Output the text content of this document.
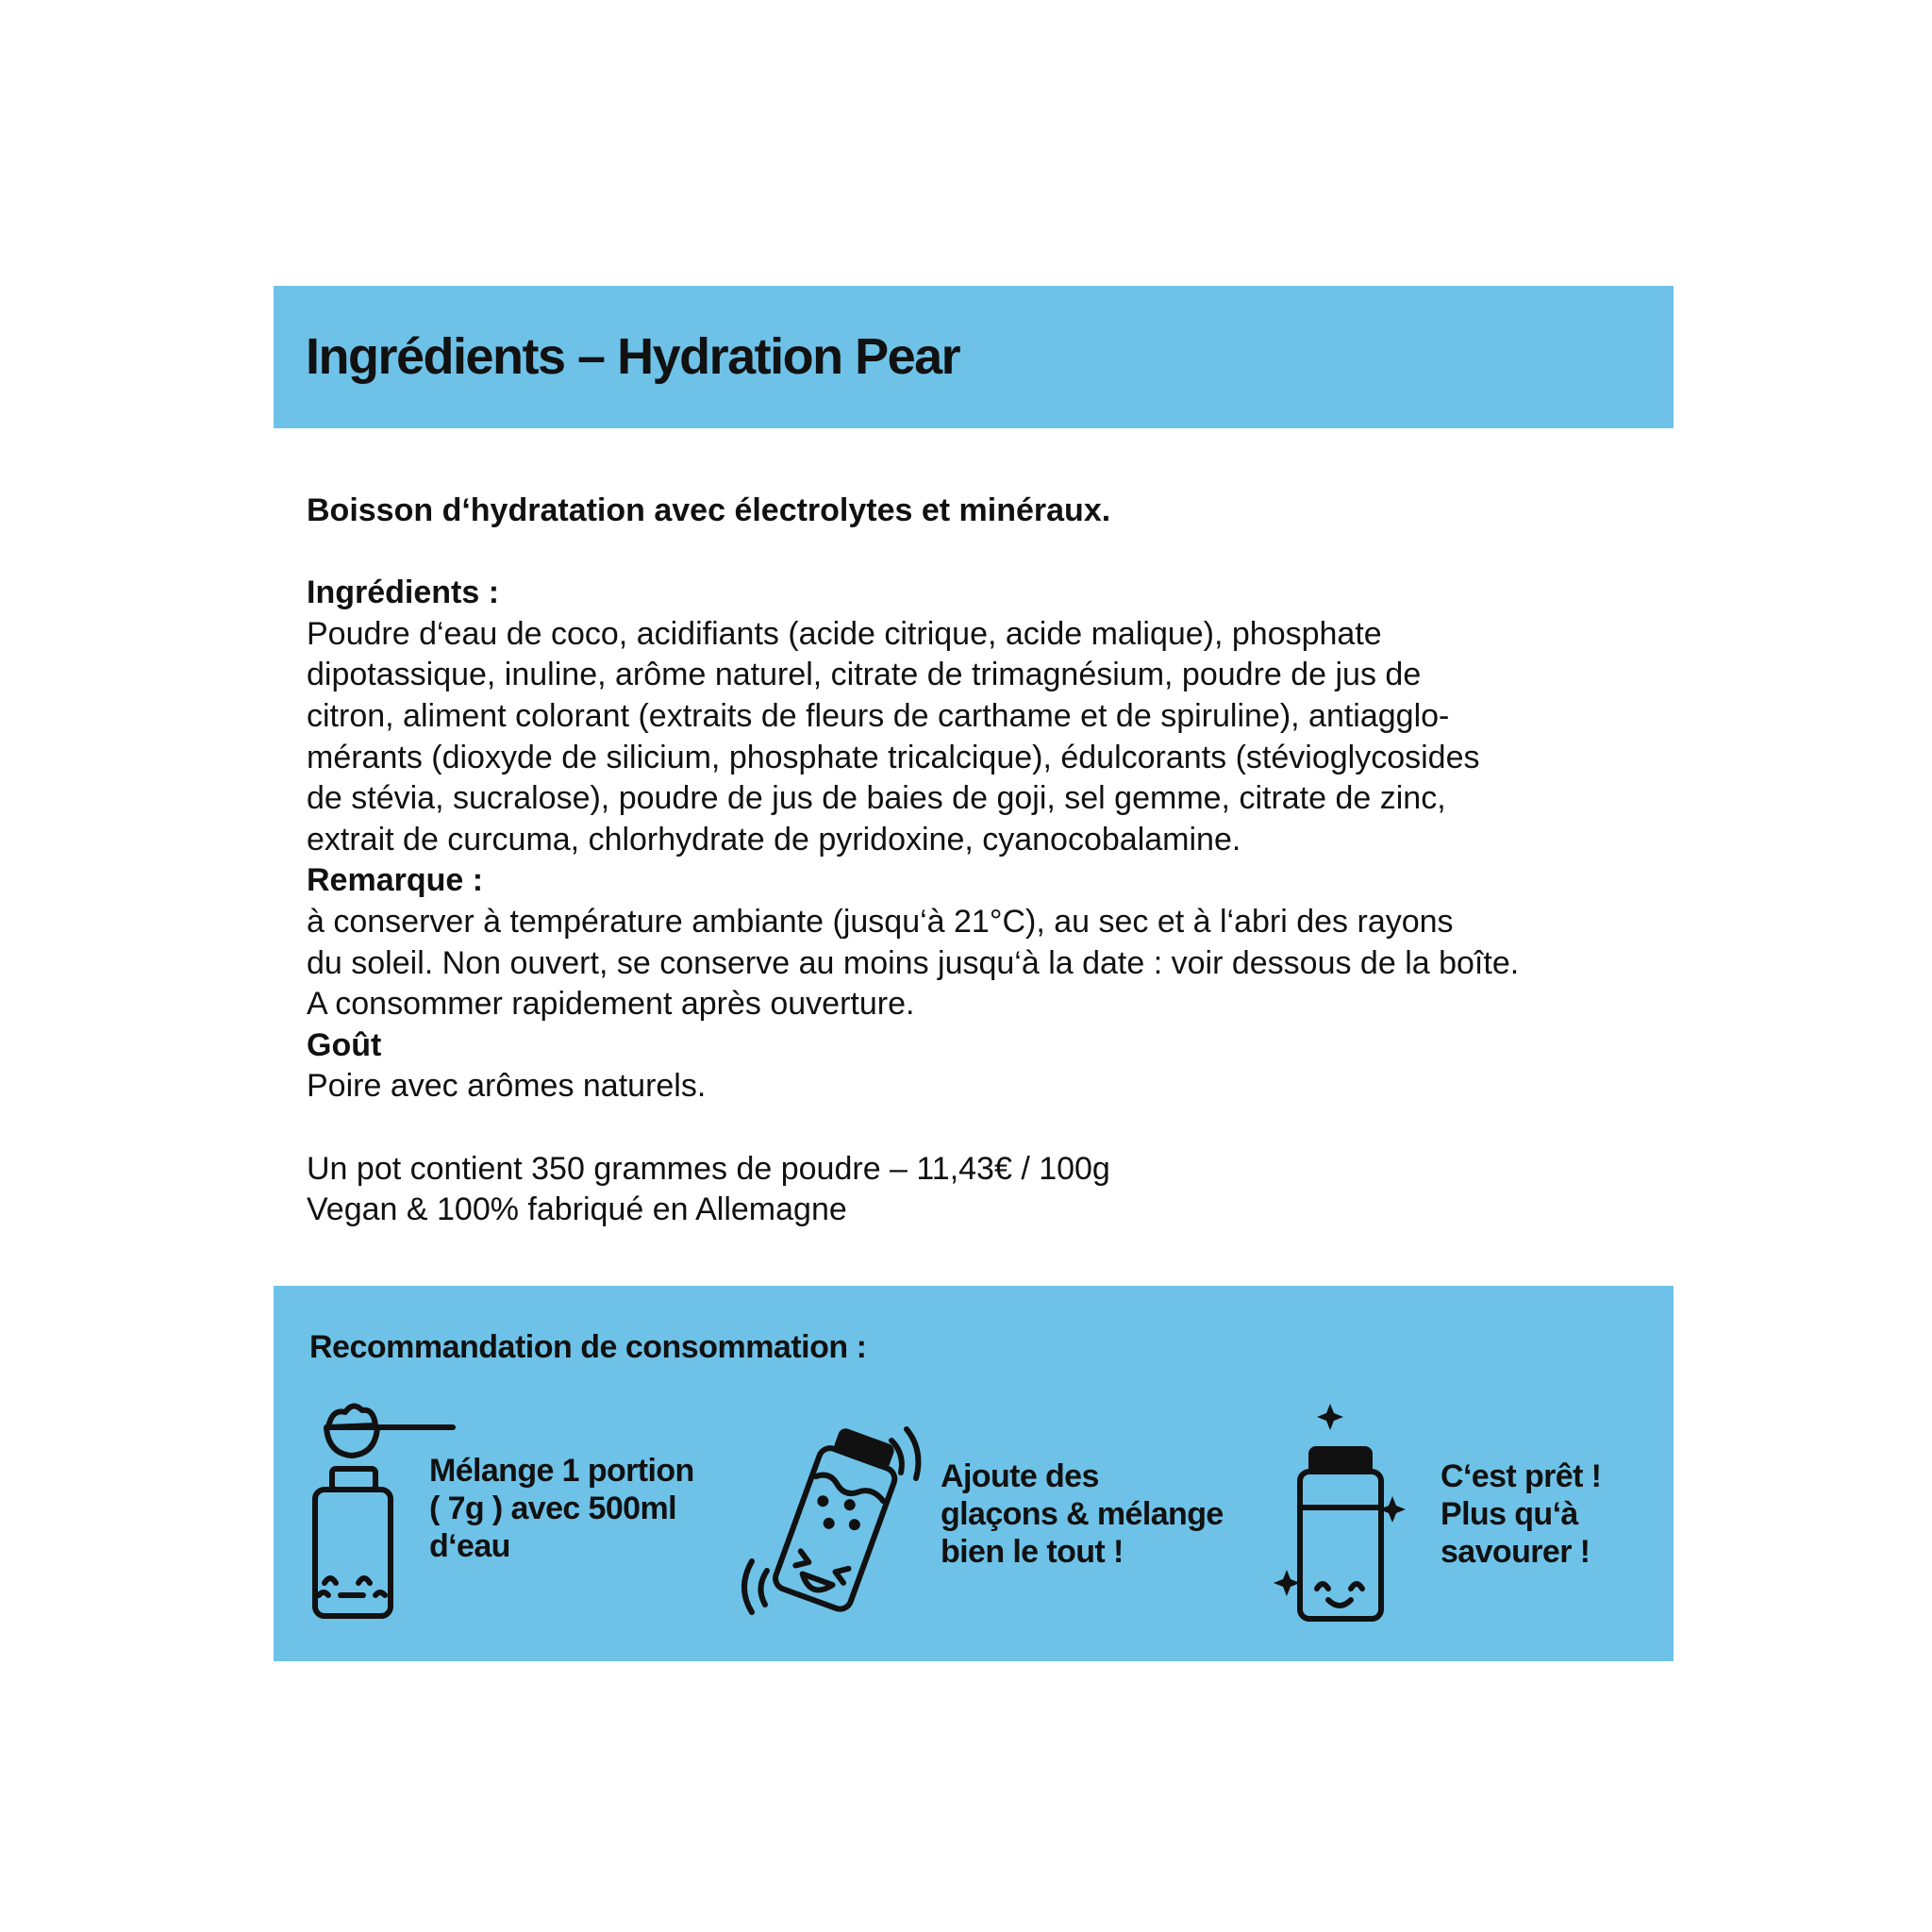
Ingrédients – Hydration Pear

Boisson d‘hydratation avec électrolytes et minéraux.

Ingrédients :

Poudre d‘eau de coco, acidifiants (acide citrique, acide malique), phosphate

dipotassique, inuline, arôme naturel, citrate de trimagnésium, poudre de jus de

citron, aliment colorant (extraits de fleurs de carthame et de spiruline), antiagglo-

mérants (dioxyde de silicium, phosphate tricalcique), édulcorants (stévioglycosides

de stévia, sucralose), poudre de jus de baies de goji, sel gemme, citrate de zinc,

extrait de curcuma, chlorhydrate de pyridoxine, cyanocobalamine.

Remarque :

à conserver à température ambiante (jusqu‘à 21°C), au sec et à l‘abri des rayons

du soleil. Non ouvert, se conserve au moins jusqu‘à la date : voir dessous de la boîte.

A consommer rapidement après ouverture.

Goût

Poire avec arômes naturels.

Un pot contient 350 grammes de poudre – 11,43€ / 100g

Vegan & 100% fabriqué en Allemagne

Recommandation de consommation :

Mélange 1 portion
( 7g ) avec 500ml
d‘eau

Ajoute des
glaçons & mélange
bien le tout !

C‘est prêt !
Plus qu‘à
savourer !
